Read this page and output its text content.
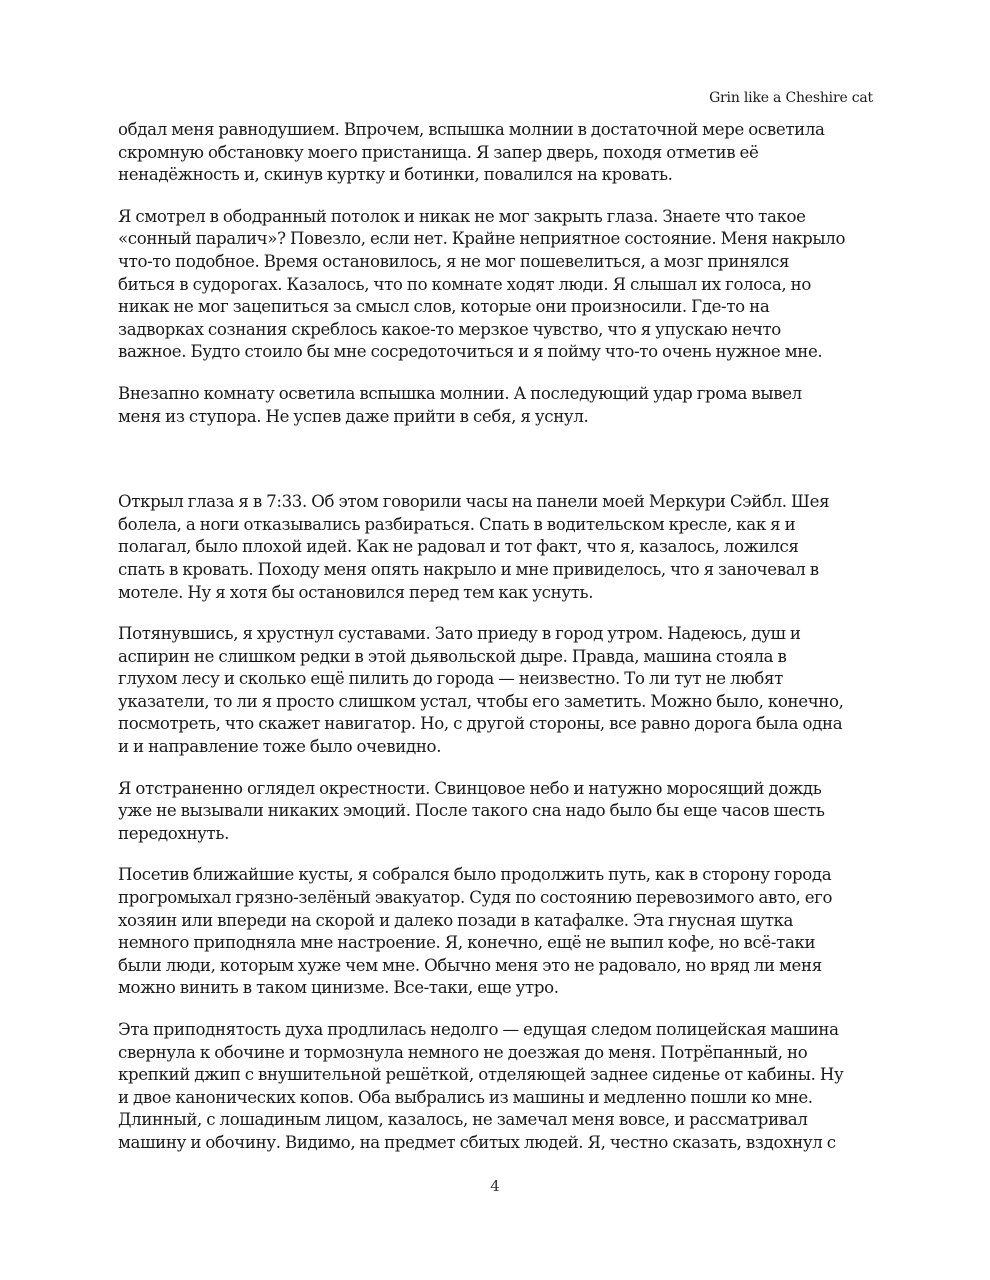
Grin like a Cheshire cat

обдал меня равнодушием. Впрочем, вспышка молнии в достаточной мере осветила
скромную обстановку моего пристанища. Я запер дверь, походя отметив её
ненадёжность и, скинув куртку и ботинки, повалился на кровать.

Я смотрел в ободранный потолок и никак не мог закрыть глаза. Знаете что такое
«сонный паралич»? Повезло, если нет. Крайне неприятное состояние. Меня накрыло
что-то подобное. Время остановилось, я не мог пошевелиться, а мозг принялся
биться в судорогах. Казалось, что по комнате ходят люди. Я слышал их голоса, но
никак не мог зацепиться за смысл слов, которые они произносили. Где-то на
задворках сознания скреблось какое-то мерзкое чувство, что я упускаю нечто
важное. Будто стоило бы мне сосредоточиться и я пойму что-то очень нужное мне.

Внезапно комнату осветила вспышка молнии. А последующий удар грома вывел
меня из ступора. Не успев даже прийти в себя, я уснул.

Открыл глаза я в 7:33. Об этом говорили часы на панели моей Меркури Сэйбл. Шея
болела, а ноги отказывались разбираться. Спать в водительском кресле, как я и
полагал, было плохой идей. Как не радовал и тот факт, что я, казалось, ложился
спать в кровать. Походу меня опять накрыло и мне привиделось, что я заночевал в
мотеле. Ну я хотя бы остановился перед тем как уснуть.

Потянувшись, я хрустнул суставами. Зато приеду в город утром. Надеюсь, душ и
аспирин не слишком редки в этой дьявольской дыре. Правда, машина стояла в
глухом лесу и сколько ещё пилить до города — неизвестно. То ли тут не любят
указатели, то ли я просто слишком устал, чтобы его заметить. Можно было, конечно,
посмотреть, что скажет навигатор. Но, с другой стороны, все равно дорога была одна
и и направление тоже было очевидно.

Я отстраненно оглядел окрестности. Свинцовое небо и натужно моросящий дождь
уже не вызывали никаких эмоций. После такого сна надо было бы еще часов шесть
передохнуть.

Посетив ближайшие кусты, я собрался было продолжить путь, как в сторону города
прогромыхал грязно-зелёный эвакуатор. Судя по состоянию перевозимого авто, его
хозяин или впереди на скорой и далеко позади в катафалке. Эта гнусная шутка
немного приподняла мне настроение. Я, конечно, ещё не выпил кофе, но всё-таки
были люди, которым хуже чем мне. Обычно меня это не радовало, но вряд ли меня
можно винить в таком цинизме. Все-таки, еще утро.

Эта приподнятость духа продлилась недолго — едущая следом полицейская машина
свернула к обочине и тормознула немного не доезжая до меня. Потрёпанный, но
крепкий джип с внушительной решёткой, отделяющей заднее сиденье от кабины. Ну
и двое канонических копов. Оба выбрались из машины и медленно пошли ко мне.
Длинный, с лошадиным лицом, казалось, не замечал меня вовсе, и рассматривал
машину и обочину. Видимо, на предмет сбитых людей. Я, честно сказать, вздохнул с

4
